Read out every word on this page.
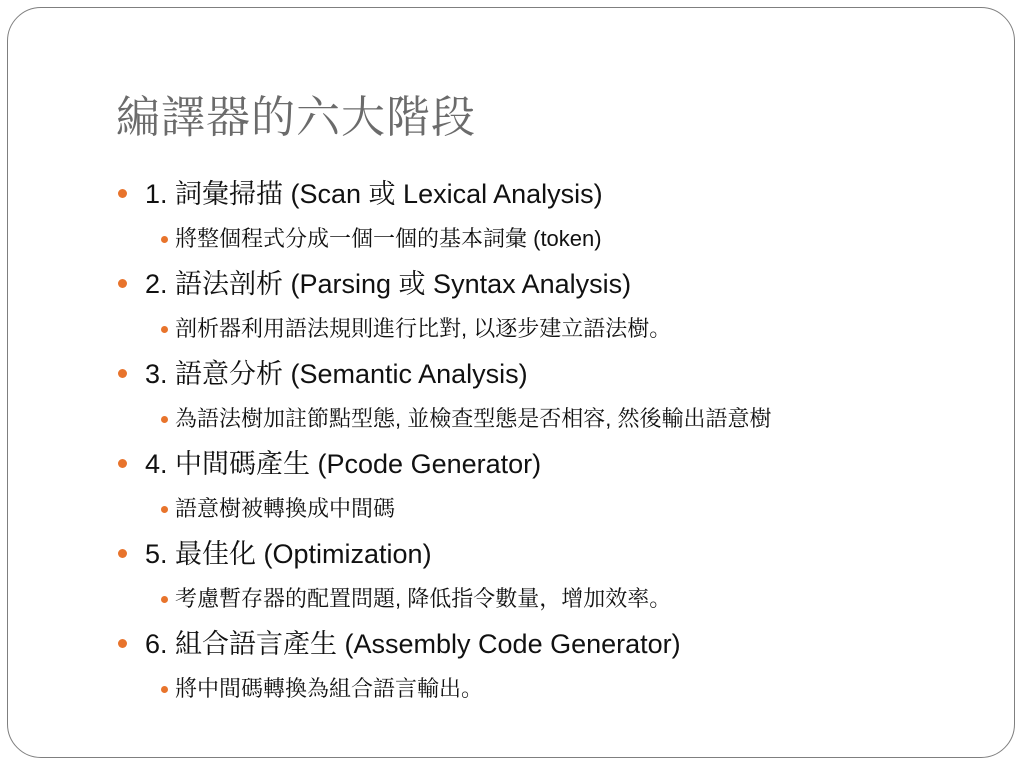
編譯器的六大階段
1. 詞彙掃描 (Scan 或 Lexical Analysis)
將整個程式分成一個一個的基本詞彙 (token)
2. 語法剖析 (Parsing 或 Syntax Analysis)
剖析器利用語法規則進行比對, 以逐步建立語法樹。
3. 語意分析 (Semantic Analysis)
為語法樹加註節點型態, 並檢查型態是否相容, 然後輸出語意樹
4. 中間碼產生 (Pcode Generator)
語意樹被轉換成中間碼
5. 最佳化 (Optimization)
考慮暫存器的配置問題, 降低指令數量，增加效率。
6. 組合語言產生 (Assembly Code Generator)
將中間碼轉換為組合語言輸出。
